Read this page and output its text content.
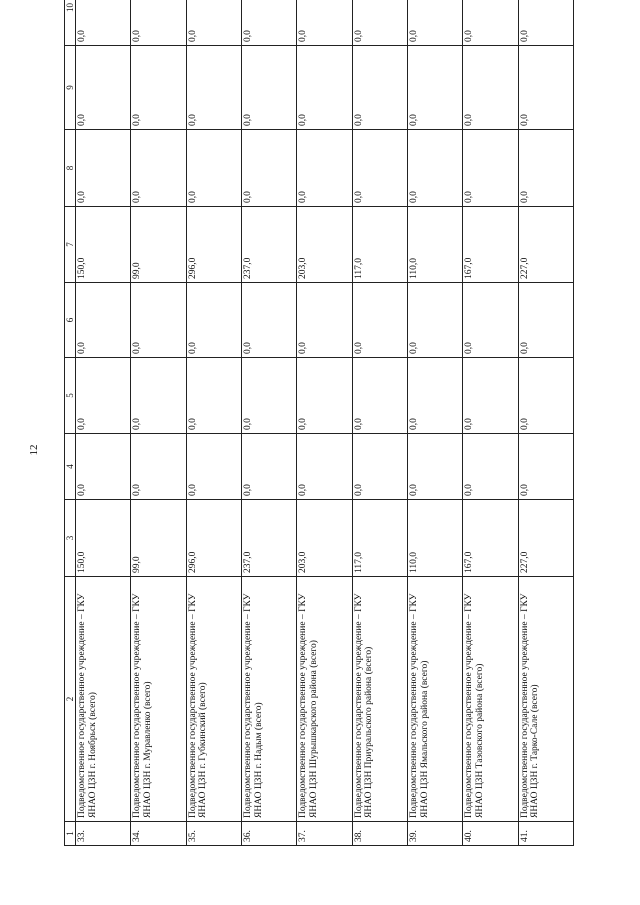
12
1	2	3	4	5	6	7	8	9	10
33.	Подведомственное государственное учреждение – ГКУ ЯНАО ЦЗН г. Ноябрьск (всего)	150,0	0,0	0,0	0,0	150,0	0,0	0,0	0,0
34.	Подведомственное государственное учреждение – ГКУ ЯНАО ЦЗН г. Муравленко (всего)	99,0	0,0	0,0	0,0	99,0	0,0	0,0	0,0
35.	Подведомственное государственное учреждение – ГКУ ЯНАО ЦЗН г. Губкинский (всего)	296,0	0,0	0,0	0,0	296,0	0,0	0,0	0,0
36.	Подведомственное государственное учреждение – ГКУ ЯНАО ЦЗН г. Надым (всего)	237,0	0,0	0,0	0,0	237,0	0,0	0,0	0,0
37.	Подведомственное государственное учреждение – ГКУ ЯНАО ЦЗН Шурышкарского района (всего)	203,0	0,0	0,0	0,0	203,0	0,0	0,0	0,0
38.	Подведомственное государственное учреждение – ГКУ ЯНАО ЦЗН Приуральского района (всего)	117,0	0,0	0,0	0,0	117,0	0,0	0,0	0,0
39.	Подведомственное государственное учреждение – ГКУ ЯНАО ЦЗН Ямальского района (всего)	110,0	0,0	0,0	0,0	110,0	0,0	0,0	0,0
40.	Подведомственное государственное учреждение – ГКУ ЯНАО ЦЗН Тазовского района (всего)	167,0	0,0	0,0	0,0	167,0	0,0	0,0	0,0
41.	Подведомственное государственное учреждение – ГКУ ЯНАО ЦЗН г. Тарко-Сале (всего)	227,0	0,0	0,0	0,0	227,0	0,0	0,0	0,0
